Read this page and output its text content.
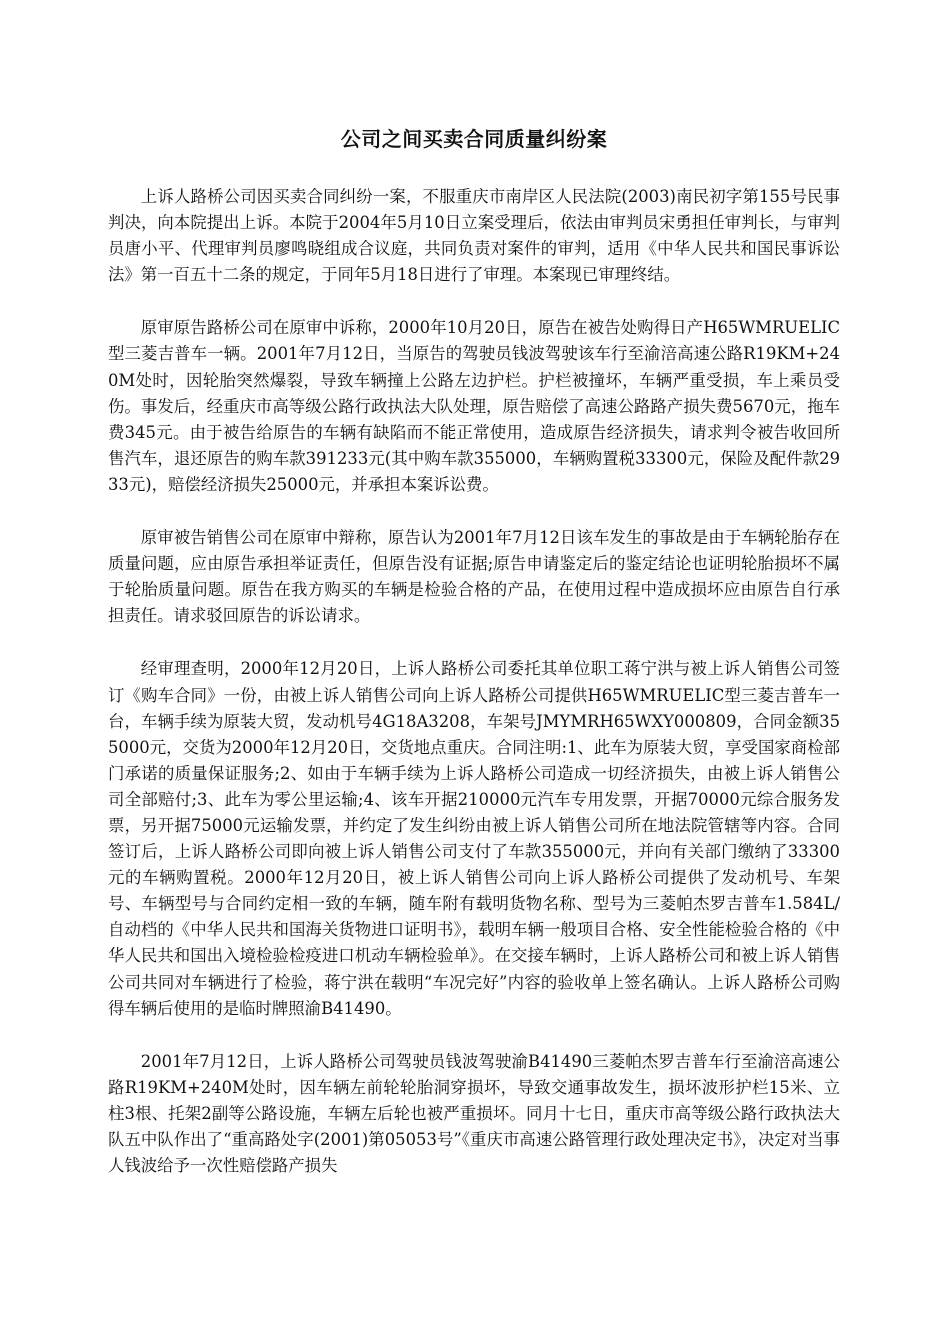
公司之间买卖合同质量纠纷案

上诉人路桥公司因买卖合同纠纷一案，不服重庆市南岸区人民法院(2003)南民初字第155号民事判决，向本院提出上诉。本院于2004年5月10日立案受理后，依法由审判员宋勇担任审判长，与审判员唐小平、代理审判员廖鸣晓组成合议庭，共同负责对案件的审判，适用《中华人民共和国民事诉讼法》第一百五十二条的规定，于同年5月18日进行了审理。本案现已审理终结。

原审原告路桥公司在原审中诉称，2000年10月20日，原告在被告处购得日产H65WMRUELIC型三菱吉普车一辆。2001年7月12日，当原告的驾驶员钱波驾驶该车行至渝涪高速公路R19KM+240M处时，因轮胎突然爆裂，导致车辆撞上公路左边护栏。护栏被撞坏，车辆严重受损，车上乘员受伤。事发后，经重庆市高等级公路行政执法大队处理，原告赔偿了高速公路路产损失费5670元，拖车费345元。由于被告给原告的车辆有缺陷而不能正常使用，造成原告经济损失，请求判令被告收回所售汽车，退还原告的购车款391233元(其中购车款355000，车辆购置税33300元，保险及配件款2933元)，赔偿经济损失25000元，并承担本案诉讼费。

原审被告销售公司在原审中辩称，原告认为2001年7月12日该车发生的事故是由于车辆轮胎存在质量问题，应由原告承担举证责任，但原告没有证据;原告申请鉴定后的鉴定结论也证明轮胎损坏不属于轮胎质量问题。原告在我方购买的车辆是检验合格的产品，在使用过程中造成损坏应由原告自行承担责任。请求驳回原告的诉讼请求。

经审理查明，2000年12月20日，上诉人路桥公司委托其单位职工蒋宁洪与被上诉人销售公司签订《购车合同》一份，由被上诉人销售公司向上诉人路桥公司提供H65WMRUELIC型三菱吉普车一台，车辆手续为原装大贸，发动机号4G18A3208，车架号JMYMRH65WXY000809，合同金额355000元，交货为2000年12月20日，交货地点重庆。合同注明:1、此车为原装大贸，享受国家商检部门承诺的质量保证服务;2、如由于车辆手续为上诉人路桥公司造成一切经济损失，由被上诉人销售公司全部赔付;3、此车为零公里运输;4、该车开据210000元汽车专用发票，开据70000元综合服务发票，另开据75000元运输发票，并约定了发生纠纷由被上诉人销售公司所在地法院管辖等内容。合同签订后，上诉人路桥公司即向被上诉人销售公司支付了车款355000元，并向有关部门缴纳了33300元的车辆购置税。2000年12月20日，被上诉人销售公司向上诉人路桥公司提供了发动机号、车架号、车辆型号与合同约定相一致的车辆，随车附有载明货物名称、型号为三菱帕杰罗吉普车1.584L/自动档的《中华人民共和国海关货物进口证明书》，载明车辆一般项目合格、安全性能检验合格的《中华人民共和国出入境检验检疫进口机动车辆检验单》。在交接车辆时，上诉人路桥公司和被上诉人销售公司共同对车辆进行了检验，蒋宁洪在载明“车况完好”内容的验收单上签名确认。上诉人路桥公司购得车辆后使用的是临时牌照渝B41490。

2001年7月12日，上诉人路桥公司驾驶员钱波驾驶渝B41490三菱帕杰罗吉普车行至渝涪高速公路R19KM+240M处时，因车辆左前轮轮胎洞穿损坏，导致交通事故发生，损坏波形护栏15米、立柱3根、托架2副等公路设施，车辆左后轮也被严重损坏。同月十七日，重庆市高等级公路行政执法大队五中队作出了“重高路处字(2001)第05053号”《重庆市高速公路管理行政处理决定书》，决定对当事人钱波给予一次性赔偿路产损失
